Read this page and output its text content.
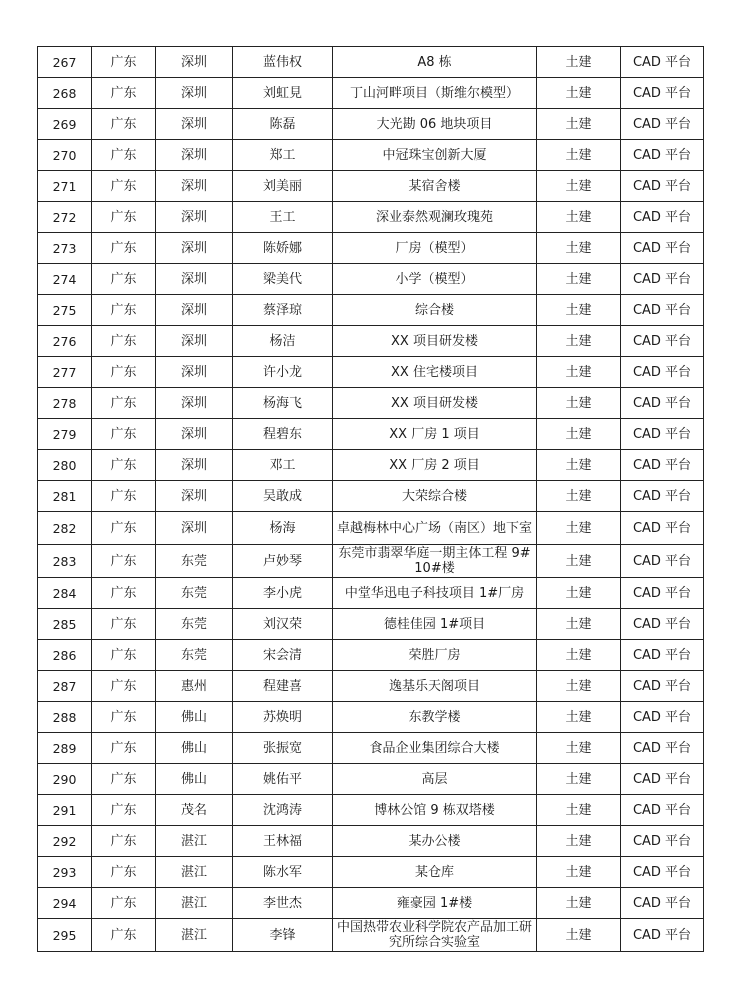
267	广东	深圳	蓝伟权	A8 栋	土建	CAD 平台
268	广东	深圳	刘虹見	丁山河畔项目（斯维尔模型）	土建	CAD 平台
269	广东	深圳	陈磊	大光勘 06 地块项目	土建	CAD 平台
270	广东	深圳	郑工	中冠珠宝创新大厦	土建	CAD 平台
271	广东	深圳	刘美丽	某宿舍楼	土建	CAD 平台
272	广东	深圳	王工	深业泰然观澜玫瑰苑	土建	CAD 平台
273	广东	深圳	陈娇娜	厂房（模型）	土建	CAD 平台
274	广东	深圳	梁美代	小学（模型）	土建	CAD 平台
275	广东	深圳	蔡泽琼	综合楼	土建	CAD 平台
276	广东	深圳	杨洁	XX 项目研发楼	土建	CAD 平台
277	广东	深圳	许小龙	XX 住宅楼项目	土建	CAD 平台
278	广东	深圳	杨海飞	XX 项目研发楼	土建	CAD 平台
279	广东	深圳	程碧东	XX 厂房 1 项目	土建	CAD 平台
280	广东	深圳	邓工	XX 厂房 2 项目	土建	CAD 平台
281	广东	深圳	吴敢成	大荣综合楼	土建	CAD 平台
282	广东	深圳	杨海	卓越梅林中心广场（南区）地下室	土建	CAD 平台
283	广东	东莞	卢妙琴	东莞市翡翠华庭一期主体工程 9#10#楼	土建	CAD 平台
284	广东	东莞	李小虎	中堂华迅电子科技项目 1#厂房	土建	CAD 平台
285	广东	东莞	刘汉荣	德桂佳园 1#项目	土建	CAD 平台
286	广东	东莞	宋会清	荣胜厂房	土建	CAD 平台
287	广东	惠州	程建喜	逸基乐天阁项目	土建	CAD 平台
288	广东	佛山	苏焕明	东教学楼	土建	CAD 平台
289	广东	佛山	张振宽	食品企业集团综合大楼	土建	CAD 平台
290	广东	佛山	姚佑平	高层	土建	CAD 平台
291	广东	茂名	沈鸿涛	博林公馆 9 栋双塔楼	土建	CAD 平台
292	广东	湛江	王林福	某办公楼	土建	CAD 平台
293	广东	湛江	陈水军	某仓库	土建	CAD 平台
294	广东	湛江	李世杰	雍豪园 1#楼	土建	CAD 平台
295	广东	湛江	李锋	中国热带农业科学院农产品加工研究所综合实验室	土建	CAD 平台
